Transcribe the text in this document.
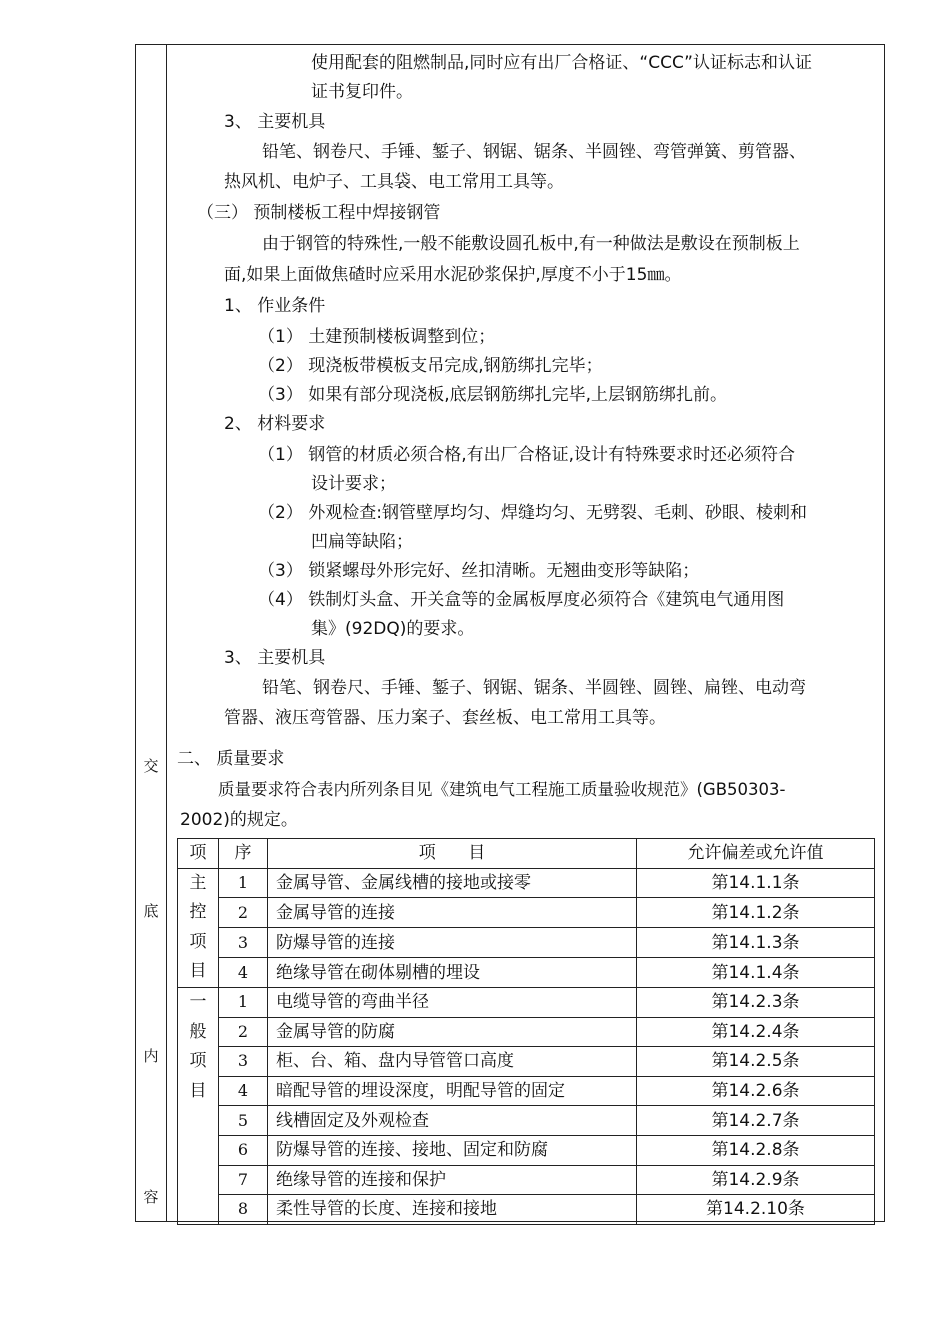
交
底
内
容
使用配套的阻燃制品,同时应有出厂合格证、“CCC”认证标志和认证
证书复印件。
3、 主要机具
铅笔、钢卷尺、手锤、錾子、钢锯、锯条、半圆锉、弯管弹簧、剪管器、
热风机、电炉子、工具袋、电工常用工具等。
（三） 预制楼板工程中焊接钢管
由于钢管的特殊性,一般不能敷设圆孔板中,有一种做法是敷设在预制板上
面,如果上面做焦碴时应采用水泥砂浆保护,厚度不小于15㎜。
1、 作业条件
（1） 土建预制楼板调整到位；
（2） 现浇板带模板支吊完成,钢筋绑扎完毕；
（3） 如果有部分现浇板,底层钢筋绑扎完毕,上层钢筋绑扎前。
2、 材料要求
（1） 钢管的材质必须合格,有出厂合格证,设计有特殊要求时还必须符合
设计要求；
（2） 外观检查:钢管壁厚均匀、焊缝均匀、无劈裂、毛刺、砂眼、棱刺和
凹扁等缺陷；
（3） 锁紧螺母外形完好、丝扣清晰。无翘曲变形等缺陷；
（4） 铁制灯头盒、开关盒等的金属板厚度必须符合《建筑电气通用图
集》(92DQ)的要求。
3、 主要机具
铅笔、钢卷尺、手锤、錾子、钢锯、锯条、半圆锉、圆锉、扁锉、电动弯
管器、液压弯管器、压力案子、套丝板、电工常用工具等。
二、 质量要求
质量要求符合表内所列条目见《建筑电气工程施工质量验收规范》(GB50303-
2002)的规定。
项	序	项      目	允许偏差或允许值

主
控
项
目	1	金属导管、金属线槽的接地或接零	第14.1.1条
	2	金属导管的连接	第14.1.2条
	3	防爆导管的连接	第14.1.3条
	4	绝缘导管在砌体剔槽的埋设	第14.1.4条

一
般
项
目	1	电缆导管的弯曲半径	第14.2.3条
	2	金属导管的防腐	第14.2.4条
	3	柜、台、箱、盘内导管管口高度	第14.2.5条
	4	暗配导管的埋设深度，明配导管的固定	第14.2.6条
	5	线槽固定及外观检查	第14.2.7条
	6	防爆导管的连接、接地、固定和防腐	第14.2.8条
	7	绝缘导管的连接和保护	第14.2.9条
	8	柔性导管的长度、连接和接地	第14.2.10条
